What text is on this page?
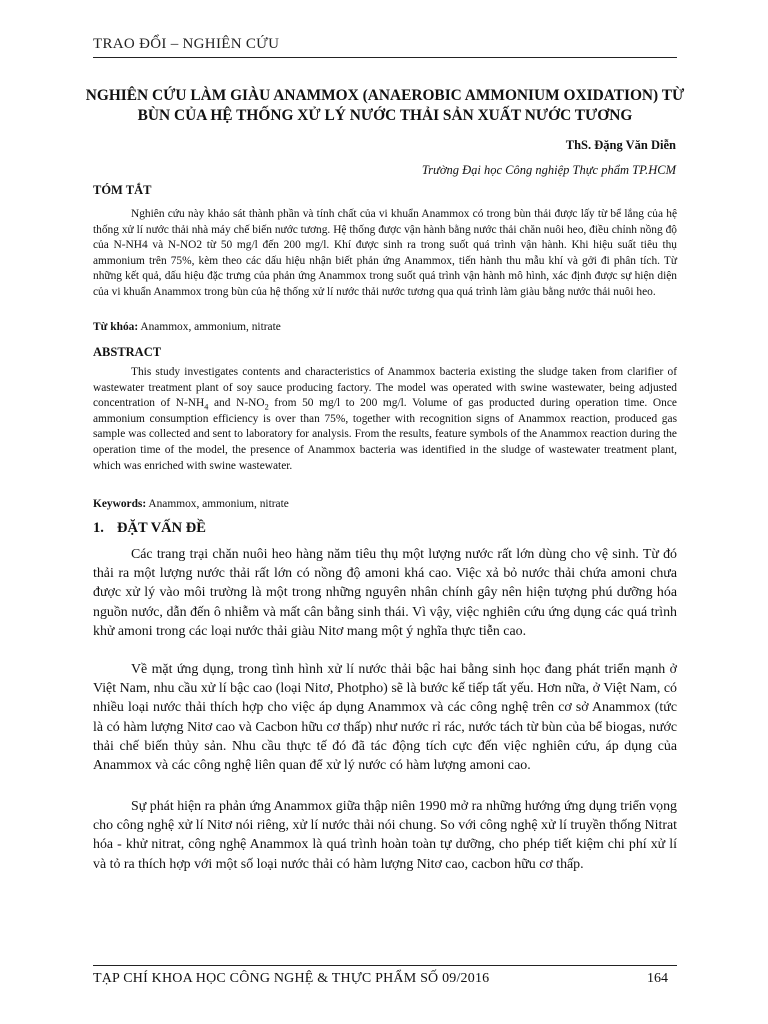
TRAO ĐỔI – NGHIÊN CỨU
NGHIÊN CỨU LÀM GIÀU ANAMMOX (ANAEROBIC AMMONIUM OXIDATION) TỪ BÙN CỦA HỆ THỐNG XỬ LÝ NƯỚC THẢI SẢN XUẤT NƯỚC TƯƠNG
ThS. Đặng Văn Diễn
Trường Đại học Công nghiệp Thực phẩm TP.HCM
TÓM TẮT

Nghiên cứu này khảo sát thành phần và tính chất của vi khuẩn Anammox có trong bùn thải được lấy từ bể lắng của hệ thống xử lí nước thải nhà máy chế biến nước tương. Hệ thống được vận hành bằng nước thải chăn nuôi heo, điều chỉnh nồng độ của N-NH4 và N-NO2 từ 50 mg/l đến 200 mg/l. Khí được sinh ra trong suốt quá trình vận hành. Khi hiệu suất tiêu thụ ammonium trên 75%, kèm theo các dấu hiệu nhận biết phản ứng Anammox, tiến hành thu mẫu khí và gởi đi phân tích. Từ những kết quả, dấu hiệu đặc trưng của phản ứng Anammox trong suốt quá trình vận hành mô hình, xác định được sự hiện diện của vi khuẩn Anammox trong bùn của hệ thống xử lí nước thải nước tương qua quá trình làm giàu bằng nước thải nuôi heo.

Từ khóa: Anammox, ammonium, nitrate
ABSTRACT

This study investigates contents and characteristics of Anammox bacteria existing the sludge taken from clarifier of wastewater treatment plant of soy sauce producing factory. The model was operated with swine wastewater, being adjusted concentration of $N-NH_4$ and $N-NO_2$ from 50 mg/l to 200 mg/l. Volume of gas producted during operation time. Once ammonium consumption efficiency is over than 75%, together with recognition signs of Anammox reaction, produced gas sample was collected and sent to laboratory for analysis. From the results, feature symbols of the Anammox reaction during the operation time of the model, the presence of Anammox bacteria was identified in the sludge of wastewater treatment plant, which was enriched with swine wastewater.

Keywords: Anammox, ammonium, nitrate
1. ĐẶT VẤN ĐỀ

Các trang trại chăn nuôi heo hàng năm tiêu thụ một lượng nước rất lớn dùng cho vệ sinh. Từ đó thải ra một lượng nước thải rất lớn có nồng độ amoni khá cao. Việc xả bỏ nước thải chứa amoni chưa được xử lý vào môi trường là một trong những nguyên nhân chính gây nên hiện tượng phú dưỡng hóa nguồn nước, dẫn đến ô nhiễm và mất cân bằng sinh thái. Vì vậy, việc nghiên cứu ứng dụng các quá trình khử amoni trong các loại nước thải giàu Nitơ mang một ý nghĩa thực tiễn cao.

Về mặt ứng dụng, trong tình hình xử lí nước thải bậc hai bằng sinh học đang phát triển mạnh ở Việt Nam, nhu cầu xử lí bậc cao (loại Nitơ, Photpho) sẽ là bước kế tiếp tất yếu. Hơn nữa, ở Việt Nam, có nhiều loại nước thải thích hợp cho việc áp dụng Anammox và các công nghệ trên cơ sở Anammox (tức là có hàm lượng Nitơ cao và Cacbon hữu cơ thấp) như nước rỉ rác, nước tách từ bùn của bể biogas, nước thải chế biến thủy sản. Nhu cầu thực tế đó đã tác động tích cực đến việc nghiên cứu, áp dụng của Anammox và các công nghệ liên quan để xử lý nước có hàm lượng amoni cao.

Sự phát hiện ra phản ứng Anammox giữa thập niên 1990 mở ra những hướng ứng dụng triển vọng cho công nghệ xử lí Nitơ nói riêng, xử lí nước thải nói chung. So với công nghệ xử lí truyền thống Nitrat hóa - khử nitrat, công nghệ Anammox là quá trình hoàn toàn tự dưỡng, cho phép tiết kiệm chi phí xử lí và tỏ ra thích hợp với một số loại nước thải có hàm lượng Nitơ cao, cacbon hữu cơ thấp.

TẠP CHÍ KHOA HỌC CÔNG NGHỆ & THỰC PHẨM SỐ 09/2016	164
